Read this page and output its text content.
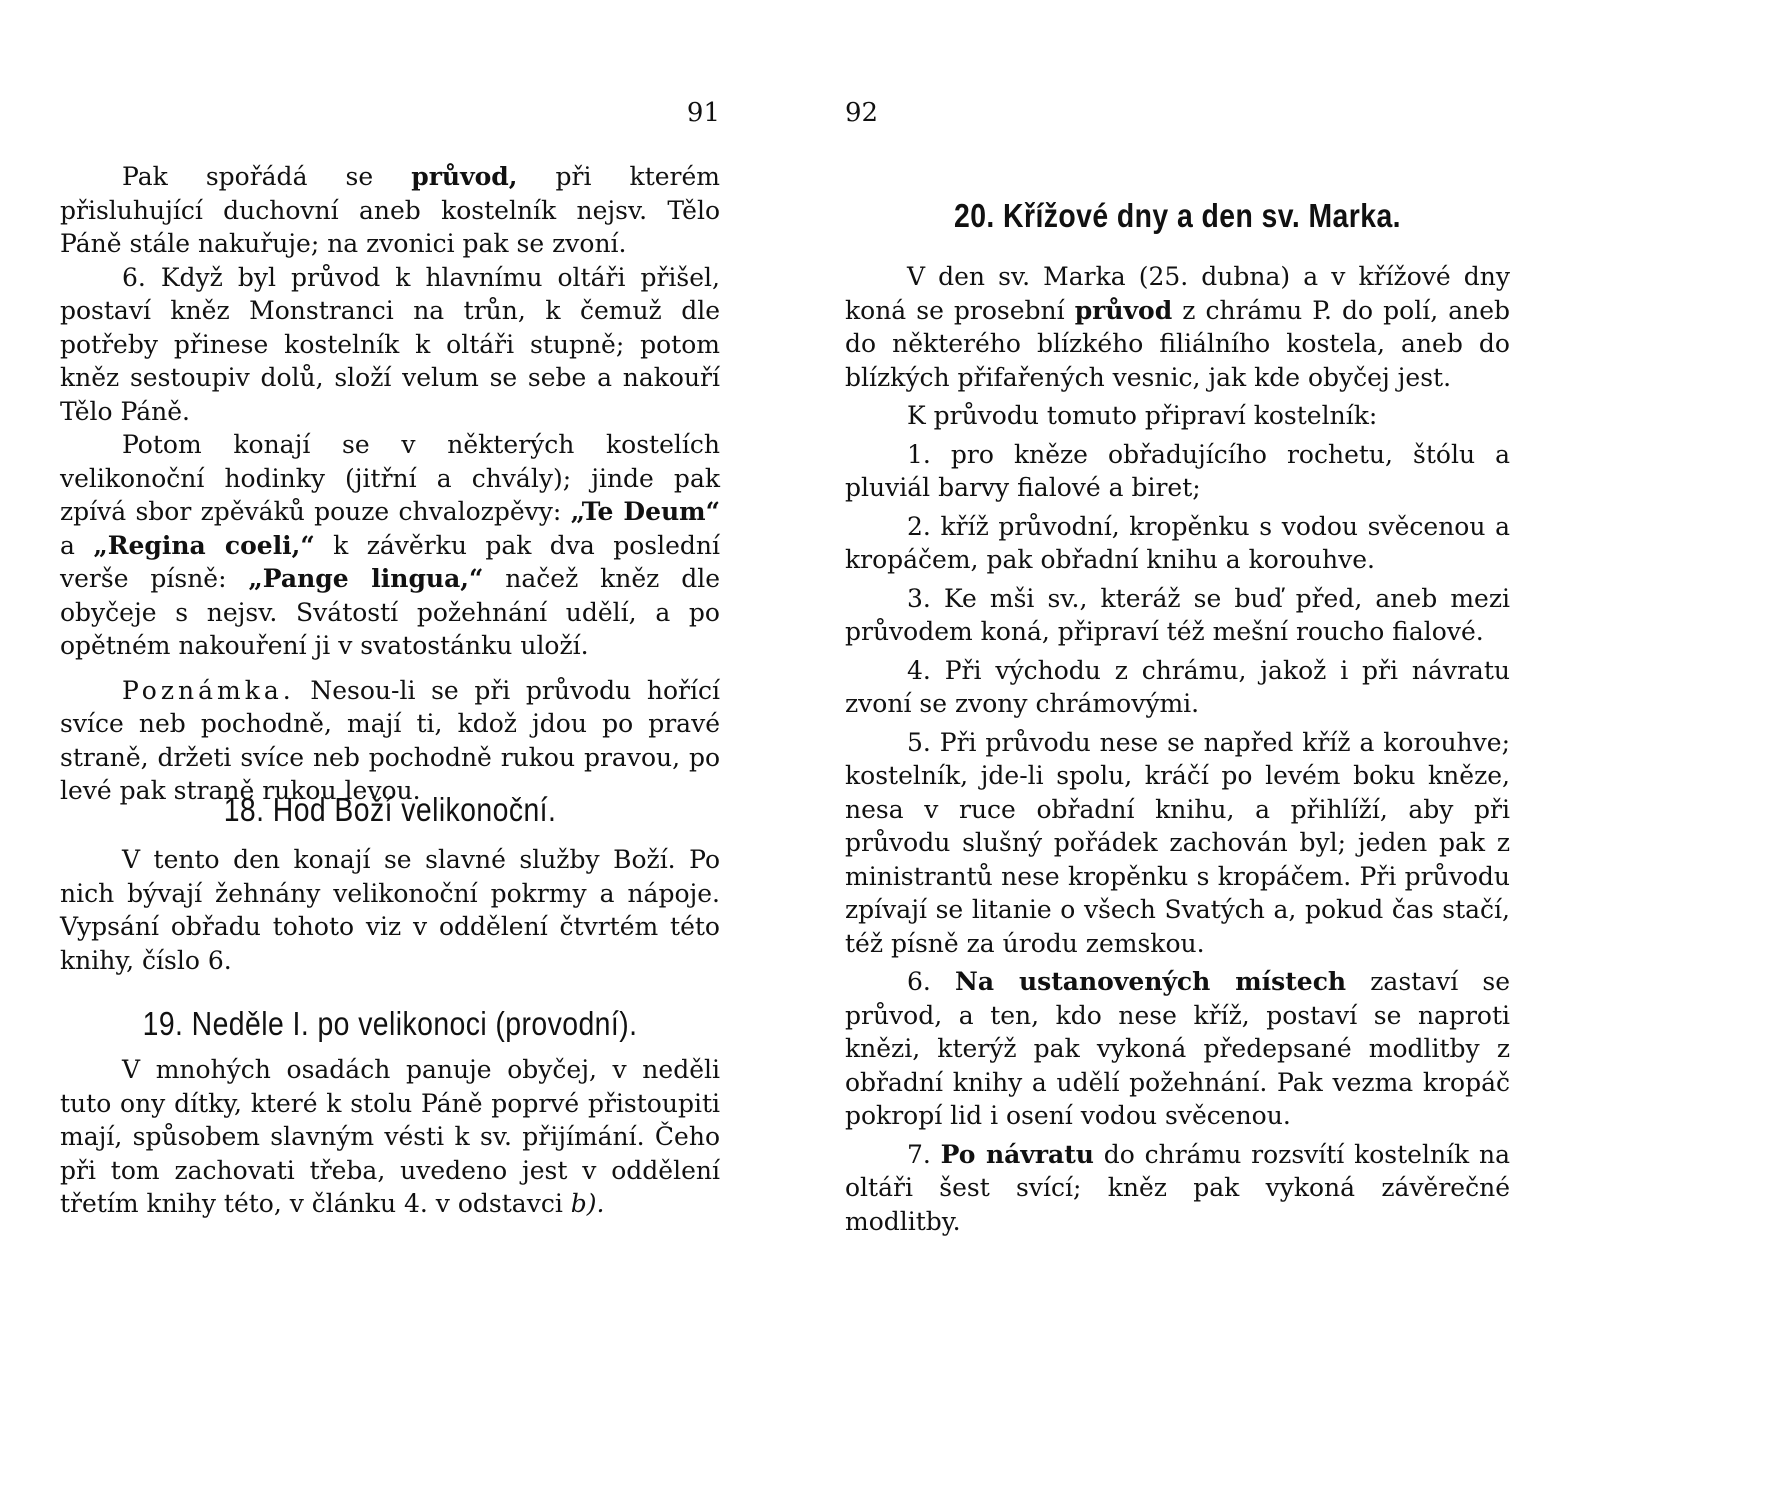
91

Pak spořádá se průvod, při kterém přisluhující duchovní aneb kostelník nejsv. Tělo Páně stále nakuřuje; na zvonici pak se zvoní.

6. Když byl průvod k hlavnímu oltáři přišel, postaví kněz Monstranci na trůn, k čemuž dle potřeby přinese kostelník k oltáři stupně; potom kněz sestoupiv dolů, složí velum se sebe a nakouří Tělo Páně.

Potom konají se v některých kostelích velikonoční hodinky (jitřní a chvály); jinde pak zpívá sbor zpěváků pouze chvalozpěvy: „Te Deum“ a „Regina coeli,“ k závěrku pak dva poslední verše písně: „Pange lingua,“ načež kněz dle obyčeje s nejsv. Svátostí požehnání udělí, a po opětném nakouření ji v svatostánku uloží.

Poznámka. Nesou-li se při průvodu hořící svíce neb pochodně, mají ti, kdož jdou po pravé straně, držeti svíce neb pochodně rukou pravou, po levé pak straně rukou levou.

18. Hod Boží velikonoční.

V tento den konají se slavné služby Boží. Po nich bývají žehnány velikonoční pokrmy a nápoje. Vypsání obřadu tohoto viz v oddělení čtvrtém této knihy, číslo 6.

19. Neděle I. po velikonoci (provodní).

V mnohých osadách panuje obyčej, v neděli tuto ony dítky, které k stolu Páně poprvé přistoupiti mají, spůsobem slavným vésti k sv. přijímání. Čeho při tom zachovati třeba, uvedeno jest v oddělení třetím knihy této, v článku 4. v odstavci b).

92
20. Křížové dny a den sv. Marka.

V den sv. Marka (25. dubna) a v křížové dny koná se prosební průvod z chrámu P. do polí, aneb do některého blízkého filiálního kostela, aneb do blízkých přifařených vesnic, jak kde obyčej jest.

K průvodu tomuto připraví kostelník:

1. pro kněze obřadujícího rochetu, štólu a pluviál barvy fialové a biret;

2. kříž průvodní, kropěnku s vodou svěcenou a kropáčem, pak obřadní knihu a korouhve.

3. Ke mši sv., kteráž se buď před, aneb mezi průvodem koná, připraví též mešní roucho fialové.

4. Při východu z chrámu, jakož i při návratu zvoní se zvony chrámovými.

5. Při průvodu nese se napřed kříž a korouhve; kostelník, jde-li spolu, kráčí po levém boku kněze, nesa v ruce obřadní knihu, a přihlíží, aby při průvodu slušný pořádek zachován byl; jeden pak z ministrantů nese kropěnku s kropáčem. Při průvodu zpívají se litanie o všech Svatých a, pokud čas stačí, též písně za úrodu zemskou.

6. Na ustanovených místech zastaví se průvod, a ten, kdo nese kříž, postaví se naproti knězi, kterýž pak vykoná předepsané modlitby z obřadní knihy a udělí požehnání. Pak vezma kropáč pokropí lid i osení vodou svěcenou.

7. Po návratu do chrámu rozsvítí kostelník na oltáři šest svící; kněz pak vykoná závěrečné modlitby.
